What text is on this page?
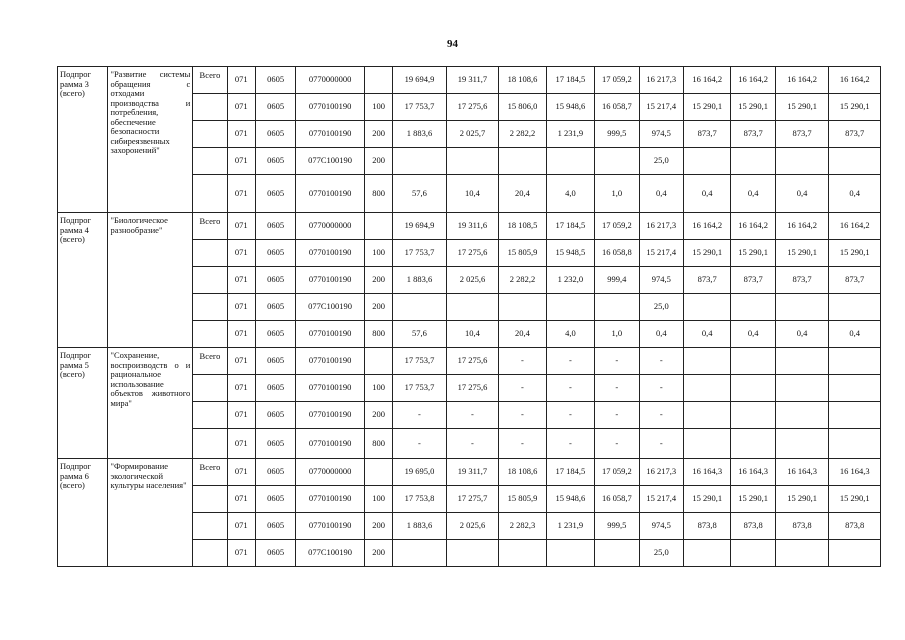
94
Подпрог рамма 3 (всего)	"Развитие системы обращения с отходами производства и потребления, обеспечение безопасности сибиреязвенных захоронений"	Всего	071	0605	0770000000		19 694,9	19 311,7	18 108,6	17 184,5	17 059,2	16 217,3	16 164,2	16 164,2	16 164,2	16 164,2
			071	0605	0770100190	100	17 753,7	17 275,6	15 806,0	15 948,6	16 058,7	15 217,4	15 290,1	15 290,1	15 290,1	15 290,1
			071	0605	0770100190	200	1 883,6	2 025,7	2 282,2	1 231,9	999,5	974,5	873,7	873,7	873,7	873,7
			071	0605	077С100190	200						25,0				
			071	0605	0770100190	800	57,6	10,4	20,4	4,0	1,0	0,4	0,4	0,4	0,4	0,4
Подпрог рамма 4 (всего)	"Биологическое разнообразие"	Всего	071	0605	0770000000		19 694,9	19 311,6	18 108,5	17 184,5	17 059,2	16 217,3	16 164,2	16 164,2	16 164,2	16 164,2
			071	0605	0770100190	100	17 753,7	17 275,6	15 805,9	15 948,5	16 058,8	15 217,4	15 290,1	15 290,1	15 290,1	15 290,1
			071	0605	0770100190	200	1 883,6	2 025,6	2 282,2	1 232,0	999,4	974,5	873,7	873,7	873,7	873,7
			071	0605	077С100190	200						25,0				
			071	0605	0770100190	800	57,6	10,4	20,4	4,0	1,0	0,4	0,4	0,4	0,4	0,4
Подпрог рамма 5 (всего)	"Сохранение, воспроизводств о и рациональное использование объектов животного мира"	Всего	071	0605	0770100190		17 753,7	17 275,6	-	-	-	-				
			071	0605	0770100190	100	17 753,7	17 275,6	-	-	-	-				
			071	0605	0770100190	200	-	-	-	-	-	-				
			071	0605	0770100190	800	-	-	-	-	-	-				
Подпрог рамма 6 (всего)	"Формирование экологической культуры населения"	Всего	071	0605	0770000000		19 695,0	19 311,7	18 108,6	17 184,5	17 059,2	16 217,3	16 164,3	16 164,3	16 164,3	16 164,3
			071	0605	0770100190	100	17 753,8	17 275,7	15 805,9	15 948,6	16 058,7	15 217,4	15 290,1	15 290,1	15 290,1	15 290,1
			071	0605	0770100190	200	1 883,6	2 025,6	2 282,3	1 231,9	999,5	974,5	873,8	873,8	873,8	873,8
			071	0605	077С100190	200						25,0				
